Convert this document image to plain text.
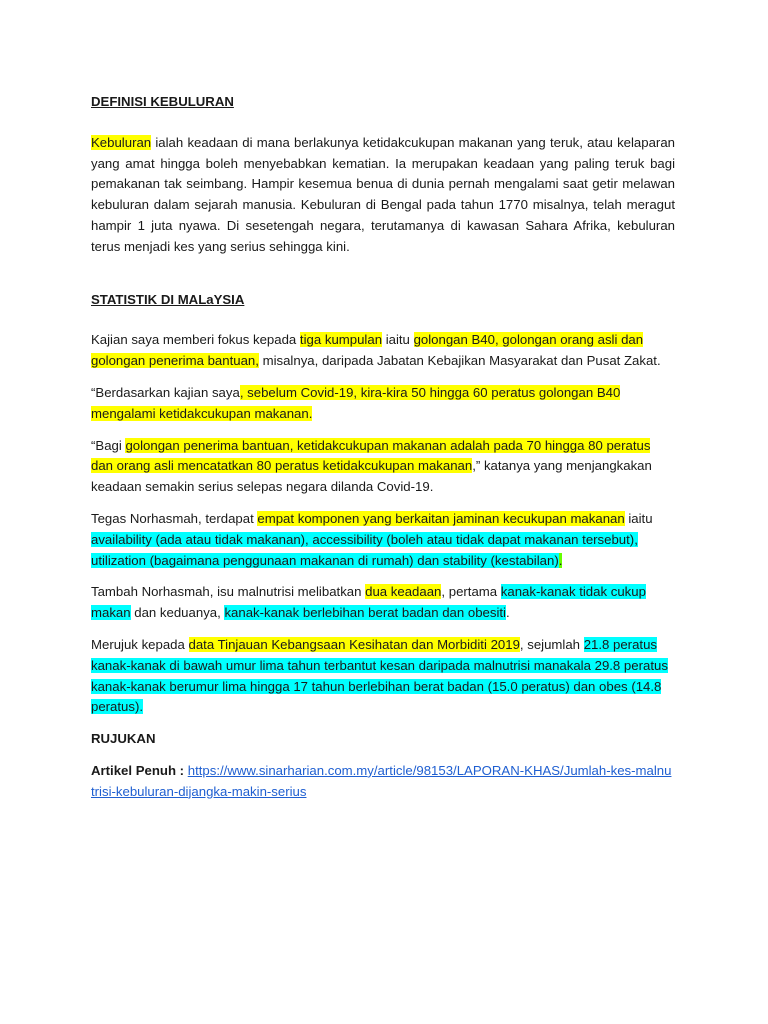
DEFINISI KEBULURAN

Kebuluran ialah keadaan di mana berlakunya ketidakcukupan makanan yang teruk, atau kelaparan yang amat hingga boleh menyebabkan kematian. Ia merupakan keadaan yang paling teruk bagi pemakanan tak seimbang. Hampir kesemua benua di dunia pernah mengalami saat getir melawan kebuluran dalam sejarah manusia. Kebuluran di Bengal pada tahun 1770 misalnya, telah meragut hampir 1 juta nyawa. Di sesetengah negara, terutamanya di kawasan Sahara Afrika, kebuluran terus menjadi kes yang serius sehingga kini.

STATISTIK DI MALaYSIA

Kajian saya memberi fokus kepada tiga kumpulan iaitu golongan B40, golongan orang asli dan golongan penerima bantuan, misalnya, daripada Jabatan Kebajikan Masyarakat dan Pusat Zakat.

“Berdasarkan kajian saya, sebelum Covid-19, kira-kira 50 hingga 60 peratus golongan B40 mengalami ketidakcukupan makanan.

“Bagi golongan penerima bantuan, ketidakcukupan makanan adalah pada 70 hingga 80 peratus dan orang asli mencatatkan 80 peratus ketidakcukupan makanan,” katanya yang menjangkakan keadaan semakin serius selepas negara dilanda Covid-19.

Tegas Norhasmah, terdapat empat komponen yang berkaitan jaminan kecukupan makanan iaitu availability (ada atau tidak makanan), accessibility (boleh atau tidak dapat makanan tersebut), utilization (bagaimana penggunaan makanan di rumah) dan stability (kestabilan).

Tambah Norhasmah, isu malnutrisi melibatkan dua keadaan, pertama kanak-kanak tidak cukup makan dan keduanya, kanak-kanak berlebihan berat badan dan obesiti.

Merujuk kepada data Tinjauan Kebangsaan Kesihatan dan Morbiditi 2019, sejumlah 21.8 peratus kanak-kanak di bawah umur lima tahun terbantut kesan daripada malnutrisi manakala 29.8 peratus kanak-kanak berumur lima hingga 17 tahun berlebihan berat badan (15.0 peratus) dan obes (14.8 peratus).

RUJUKAN

Artikel Penuh : https://www.sinarharian.com.my/article/98153/LAPORAN-KHAS/Jumlah-kes-malnutrisi-kebuluran-dijangka-makin-serius
